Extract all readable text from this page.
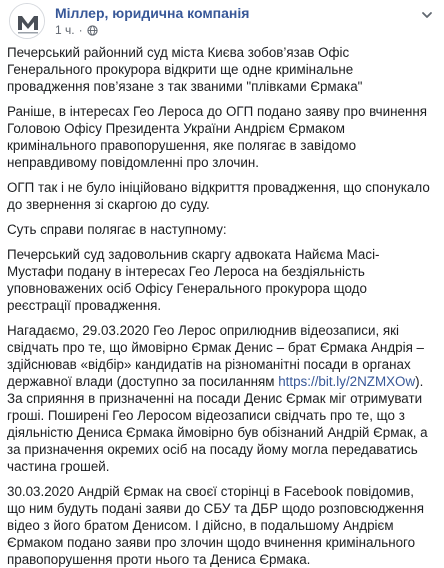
Міллер, юридична компанія
1 ч. ·

Печерський районний суд міста Києва зобов’язав Офіс Генерального прокурора відкрити ще одне кримінальне провадження пов’язане з так званими "плівками Єрмака"

Раніше, в інтересах Гео Лероса до ОГП подано заяву про вчинення Головою Офісу Президента України Андрієм Єрмаком кримінального правопорушення, яке полягає в завідомо неправдивому повідомленні про злочин.

ОГП так і не було ініційовано відкриття провадження, що спонукало до звернення зі скаргою до суду.

Суть справи полягає в наступному:

Печерський суд задовольнив скаргу адвоката Найєма Масі-Мустафи подану в інтересах Гео Лероса на бездіяльність уповноважених осіб Офісу Генерального прокурора щодо реєстрації провадження.

Нагадаємо, 29.03.2020 Гео Лерос оприлюднив відеозаписи, які свідчать про те, що ймовірно Єрмак Денис – брат Єрмака Андрія – здійснював «відбір» кандидатів на різноманітні посади в органах державної влади (доступно за посиланням https://bit.ly/2NZMXOw). За сприяння в призначенні на посади Денис Єрмак міг отримувати гроші. Поширені Гео Леросом відеозаписи свідчать про те, що з діяльністю Дениса Єрмака ймовірно був обізнаний Андрій Єрмак, а за призначення окремих осіб на посаду йому могла передаватись частина грошей.

30.03.2020 Андрій Єрмак на своєї сторінці в Facebook повідомив, що ним будуть подані заяви до СБУ та ДБР щодо розповсюдження відео з його братом Денисом. І дійсно, в подальшому Андрієм Єрмаком подано заяви про злочин щодо вчинення кримінального правопорушення проти нього та Дениса Єрмака.
